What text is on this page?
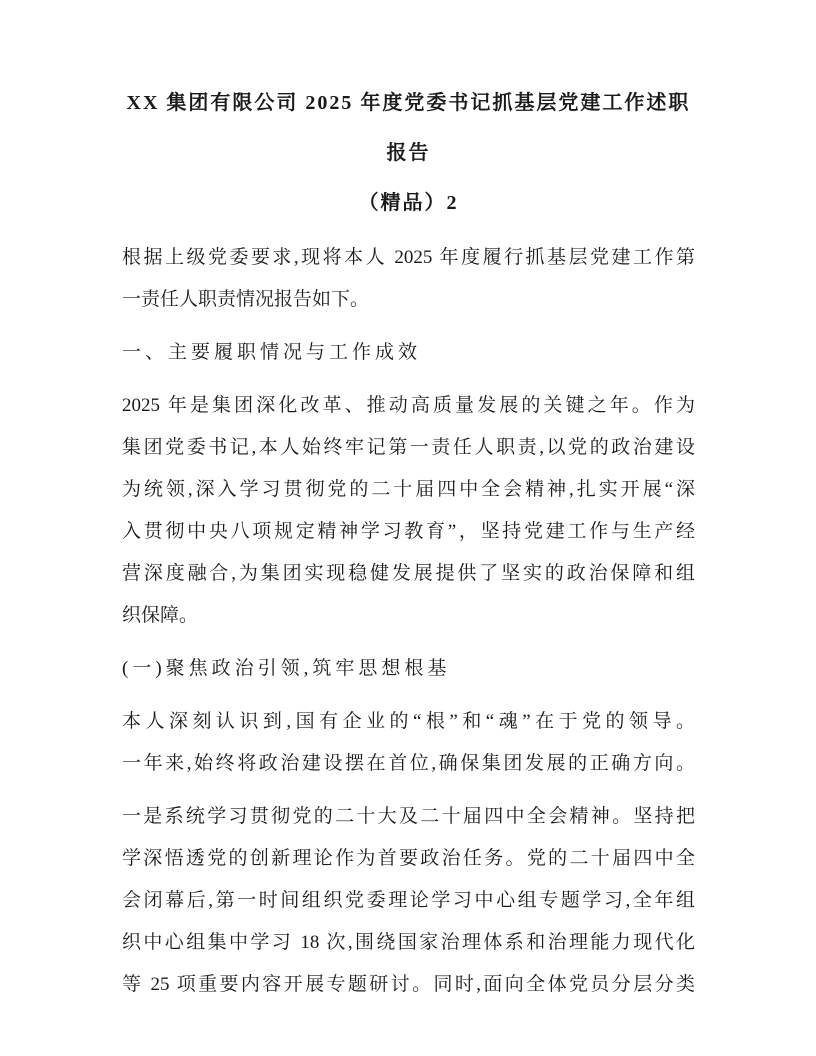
XX 集团有限公司 2025 年度党委书记抓基层党建工作述职报告
（精品）2

根据上级党委要求,现将本人 2025 年度履行抓基层党建工作第
一责任人职责情况报告如下。

一、主要履职情况与工作成效

2025 年是集团深化改革、推动高质量发展的关键之年。作为
集团党委书记,本人始终牢记第一责任人职责,以党的政治建设
为统领,深入学习贯彻党的二十届四中全会精神,扎实开展“深
入贯彻中央八项规定精神学习教育”，坚持党建工作与生产经
营深度融合,为集团实现稳健发展提供了坚实的政治保障和组
织保障。

(一)聚焦政治引领,筑牢思想根基

本人深刻认识到,国有企业的“根”和“魂”在于党的领导。
一年来,始终将政治建设摆在首位,确保集团发展的正确方向。

一是系统学习贯彻党的二十大及二十届四中全会精神。坚持把
学深悟透党的创新理论作为首要政治任务。党的二十届四中全
会闭幕后,第一时间组织党委理论学习中心组专题学习,全年组
织中心组集中学习 18 次,围绕国家治理体系和治理能力现代化
等 25 项重要内容开展专题研讨。同时,面向全体党员分层分类
